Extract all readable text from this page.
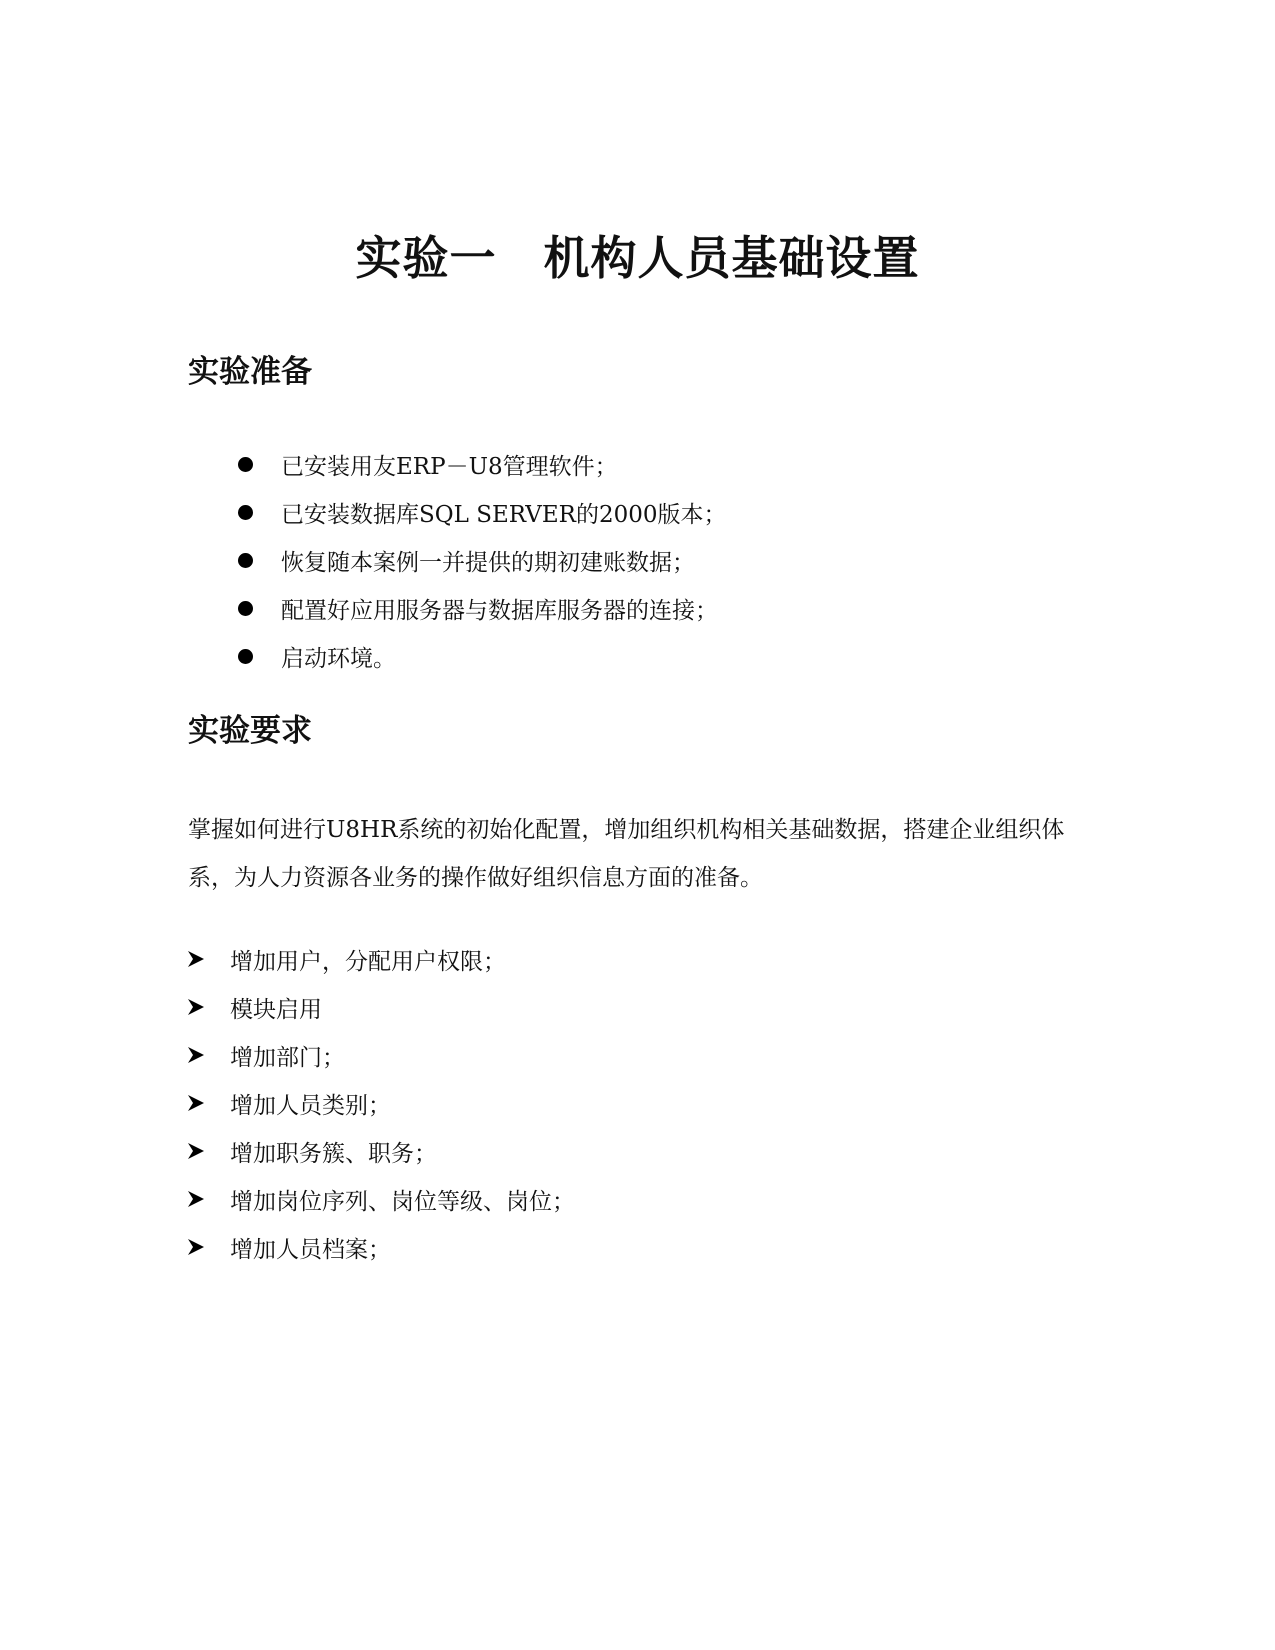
实验一　机构人员基础设置
实验准备
已安装用友ERP－U8管理软件；
已安装数据库SQL SERVER的2000版本；
恢复随本案例一并提供的期初建账数据；
配置好应用服务器与数据库服务器的连接；
启动环境。
实验要求

掌握如何进行U8HR系统的初始化配置，增加组织机构相关基础数据，搭建企业组织体系，为人力资源各业务的操作做好组织信息方面的准备。

增加用户，分配用户权限；
模块启用
增加部门；
增加人员类别；
增加职务簇、职务；
增加岗位序列、岗位等级、岗位；
增加人员档案；
